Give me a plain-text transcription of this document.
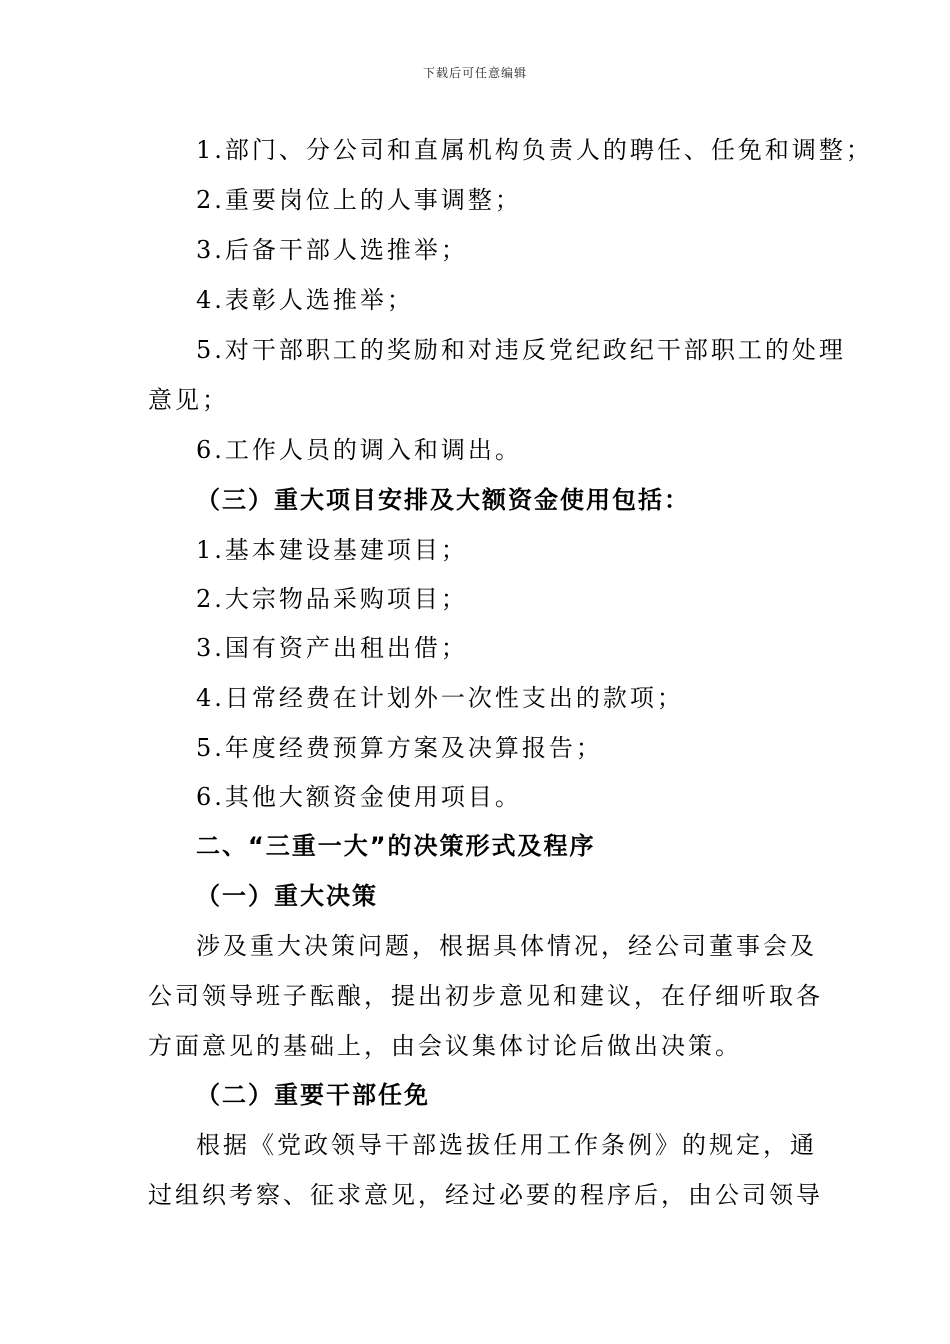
下载后可任意编辑
1.部门、分公司和直属机构负责人的聘任、任免和调整；
2.重要岗位上的人事调整；
3.后备干部人选推举；
4.表彰人选推举；
5.对干部职工的奖励和对违反党纪政纪干部职工的处理
意见；
6.工作人员的调入和调出。
（三）重大项目安排及大额资金使用包括：
1.基本建设基建项目；
2.大宗物品采购项目；
3.国有资产出租出借；
4.日常经费在计划外一次性支出的款项；
5.年度经费预算方案及决算报告；
6.其他大额资金使用项目。
二、“三重一大”的决策形式及程序
（一）重大决策
涉及重大决策问题，根据具体情况，经公司董事会及
公司领导班子酝酿，提出初步意见和建议，在仔细听取各
方面意见的基础上，由会议集体讨论后做出决策。
（二）重要干部任免
根据《党政领导干部选拔任用工作条例》的规定，通
过组织考察、征求意见，经过必要的程序后，由公司领导
